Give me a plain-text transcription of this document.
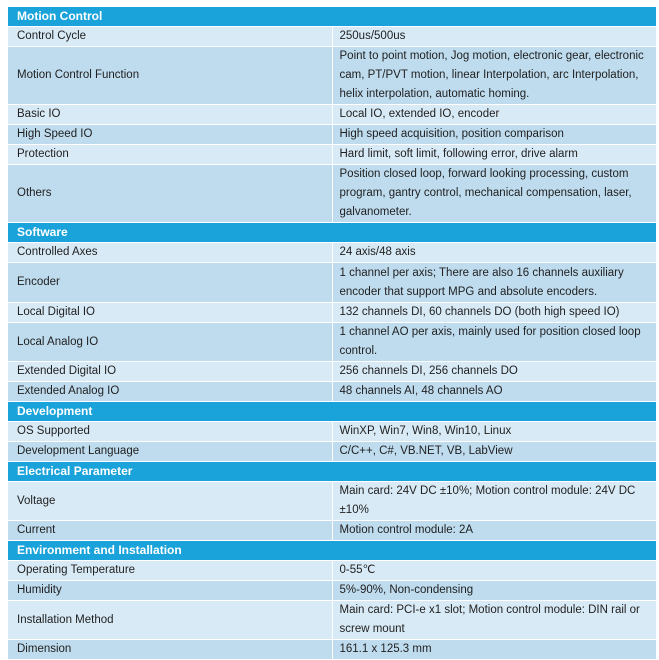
Motion Control	
Control Cycle	250us/500us
Motion Control Function	Point to point motion, Jog motion, electronic gear, electronic cam, PT/PVT motion, linear Interpolation, arc Interpolation, helix interpolation, automatic homing.
Basic IO	Local IO, extended IO, encoder
High Speed IO	High speed acquisition, position comparison
Protection	Hard limit, soft limit, following error, drive alarm
Others	Position closed loop, forward looking processing, custom program, gantry control, mechanical compensation, laser, galvanometer.
Software	
Controlled Axes	24 axis/48 axis
Encoder	1 channel per axis; There are also 16 channels auxiliary encoder that support MPG and absolute encoders.
Local Digital IO	132 channels DI, 60 channels DO (both high speed IO)
Local Analog IO	1 channel AO per axis, mainly used for position closed loop control.
Extended Digital IO	256 channels DI, 256 channels DO
Extended Analog IO	48 channels AI, 48 channels AO
Development	
OS Supported	WinXP, Win7, Win8, Win10, Linux
Development Language	C/C++, C#, VB.NET, VB, LabView
Electrical Parameter	
Voltage	Main card: 24V DC ±10%; Motion control module: 24V DC ±10%
Current	Motion control module: 2A
Environment and Installation	
Operating Temperature	0-55℃
Humidity	5%-90%, Non-condensing
Installation Method	Main card: PCI-e x1 slot; Motion control module: DIN rail or screw mount
Dimension	161.1 x 125.3 mm
